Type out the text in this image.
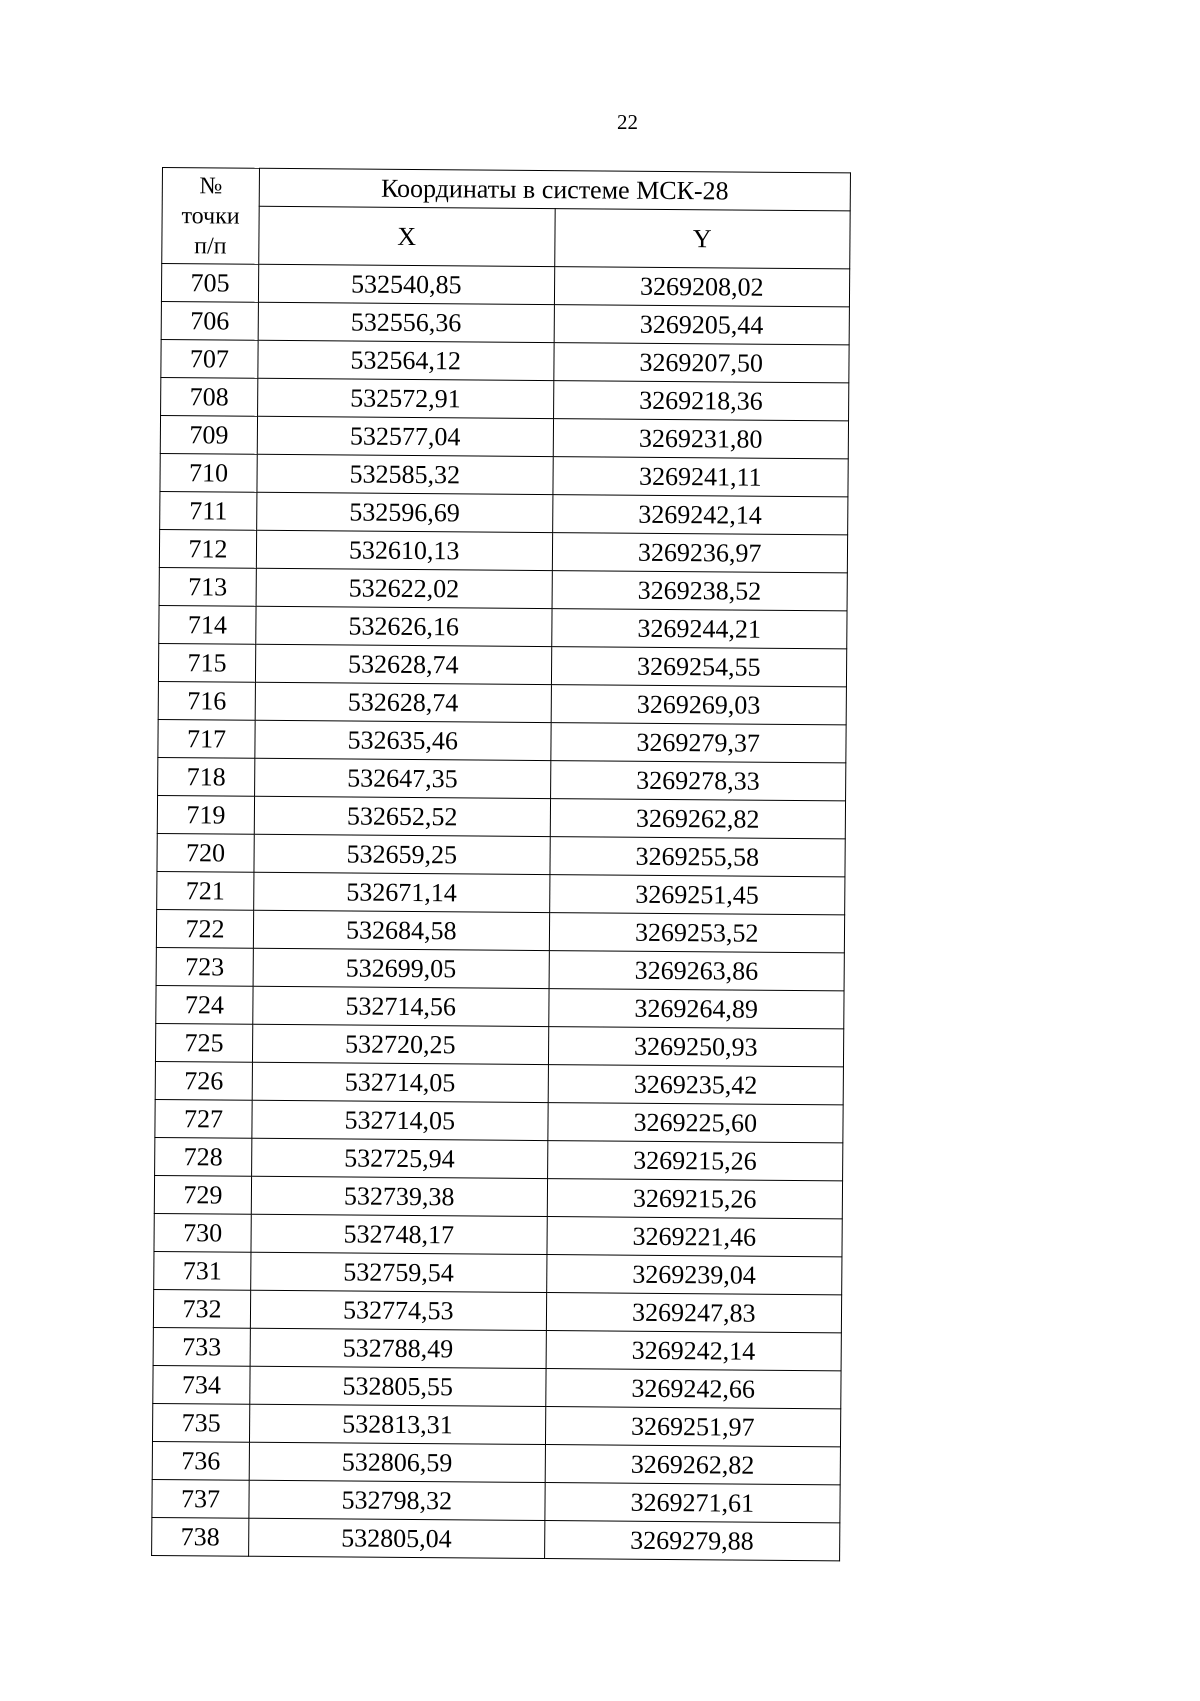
22
№
точки
п/п	Координаты в системе МСК-28	
	X	Y
705	532540,85	3269208,02
706	532556,36	3269205,44
707	532564,12	3269207,50
708	532572,91	3269218,36
709	532577,04	3269231,80
710	532585,32	3269241,11
711	532596,69	3269242,14
712	532610,13	3269236,97
713	532622,02	3269238,52
714	532626,16	3269244,21
715	532628,74	3269254,55
716	532628,74	3269269,03
717	532635,46	3269279,37
718	532647,35	3269278,33
719	532652,52	3269262,82
720	532659,25	3269255,58
721	532671,14	3269251,45
722	532684,58	3269253,52
723	532699,05	3269263,86
724	532714,56	3269264,89
725	532720,25	3269250,93
726	532714,05	3269235,42
727	532714,05	3269225,60
728	532725,94	3269215,26
729	532739,38	3269215,26
730	532748,17	3269221,46
731	532759,54	3269239,04
732	532774,53	3269247,83
733	532788,49	3269242,14
734	532805,55	3269242,66
735	532813,31	3269251,97
736	532806,59	3269262,82
737	532798,32	3269271,61
738	532805,04	3269279,88
